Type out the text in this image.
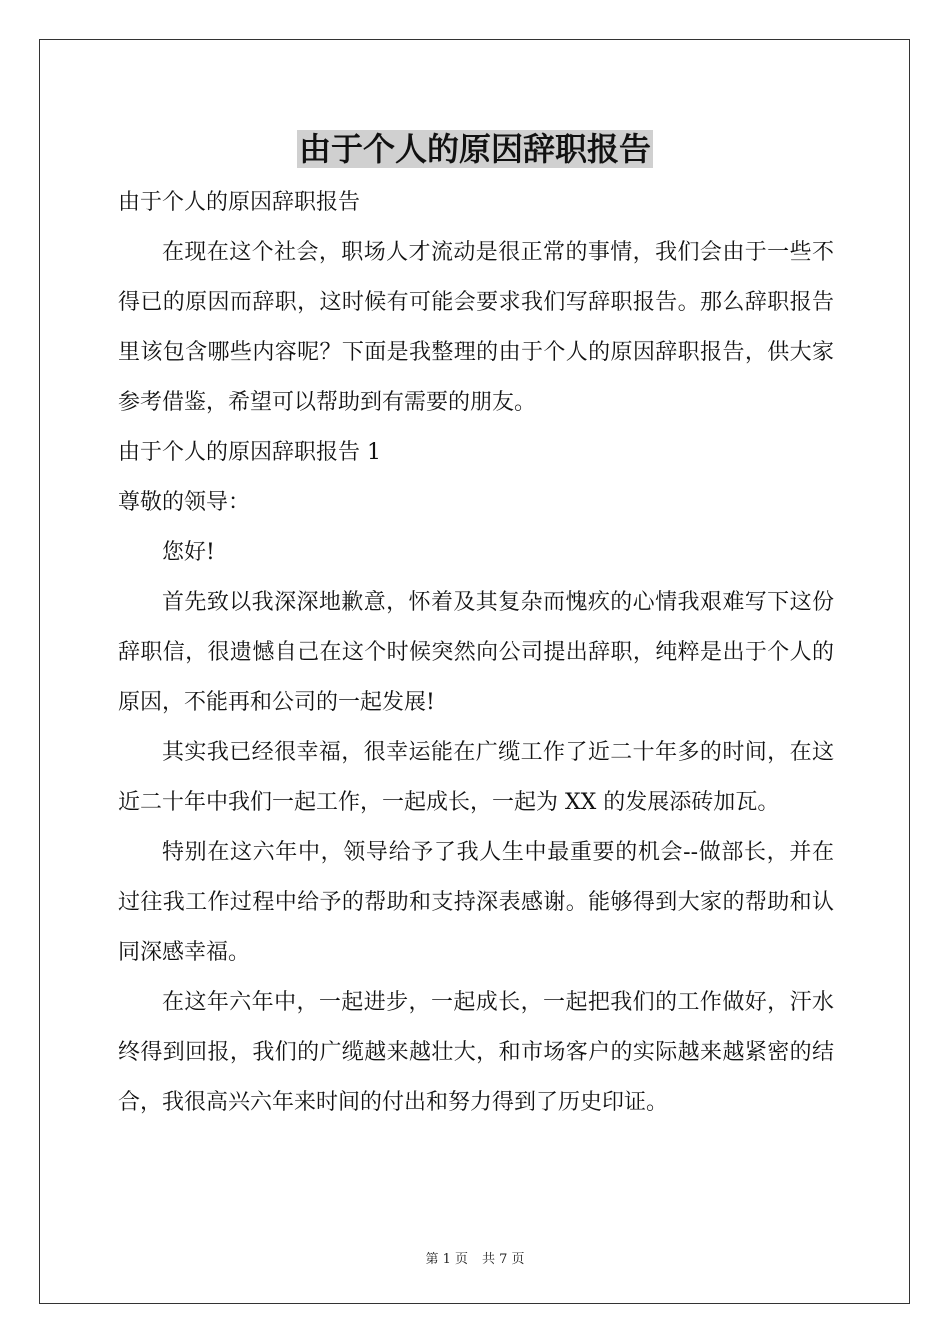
由于个人的原因辞职报告

由于个人的原因辞职报告

在现在这个社会，职场人才流动是很正常的事情，我们会由于一些不得已的原因而辞职，这时候有可能会要求我们写辞职报告。那么辞职报告里该包含哪些内容呢？下面是我整理的由于个人的原因辞职报告，供大家参考借鉴，希望可以帮助到有需要的朋友。

由于个人的原因辞职报告 1

尊敬的领导：

您好!

首先致以我深深地歉意，怀着及其复杂而愧疚的心情我艰难写下这份辞职信，很遗憾自己在这个时候突然向公司提出辞职，纯粹是出于个人的原因，不能再和公司的一起发展!

其实我已经很幸福，很幸运能在广缆工作了近二十年多的时间，在这近二十年中我们一起工作，一起成长，一起为 XX 的发展添砖加瓦。

特别在这六年中，领导给予了我人生中最重要的机会--做部长，并在过往我工作过程中给予的帮助和支持深表感谢。能够得到大家的帮助和认同深感幸福。

在这年六年中，一起进步，一起成长，一起把我们的工作做好，汗水终得到回报，我们的广缆越来越壮大，和市场客户的实际越来越紧密的结合，我很高兴六年来时间的付出和努力得到了历史印证。

第 1 页 共 7 页
